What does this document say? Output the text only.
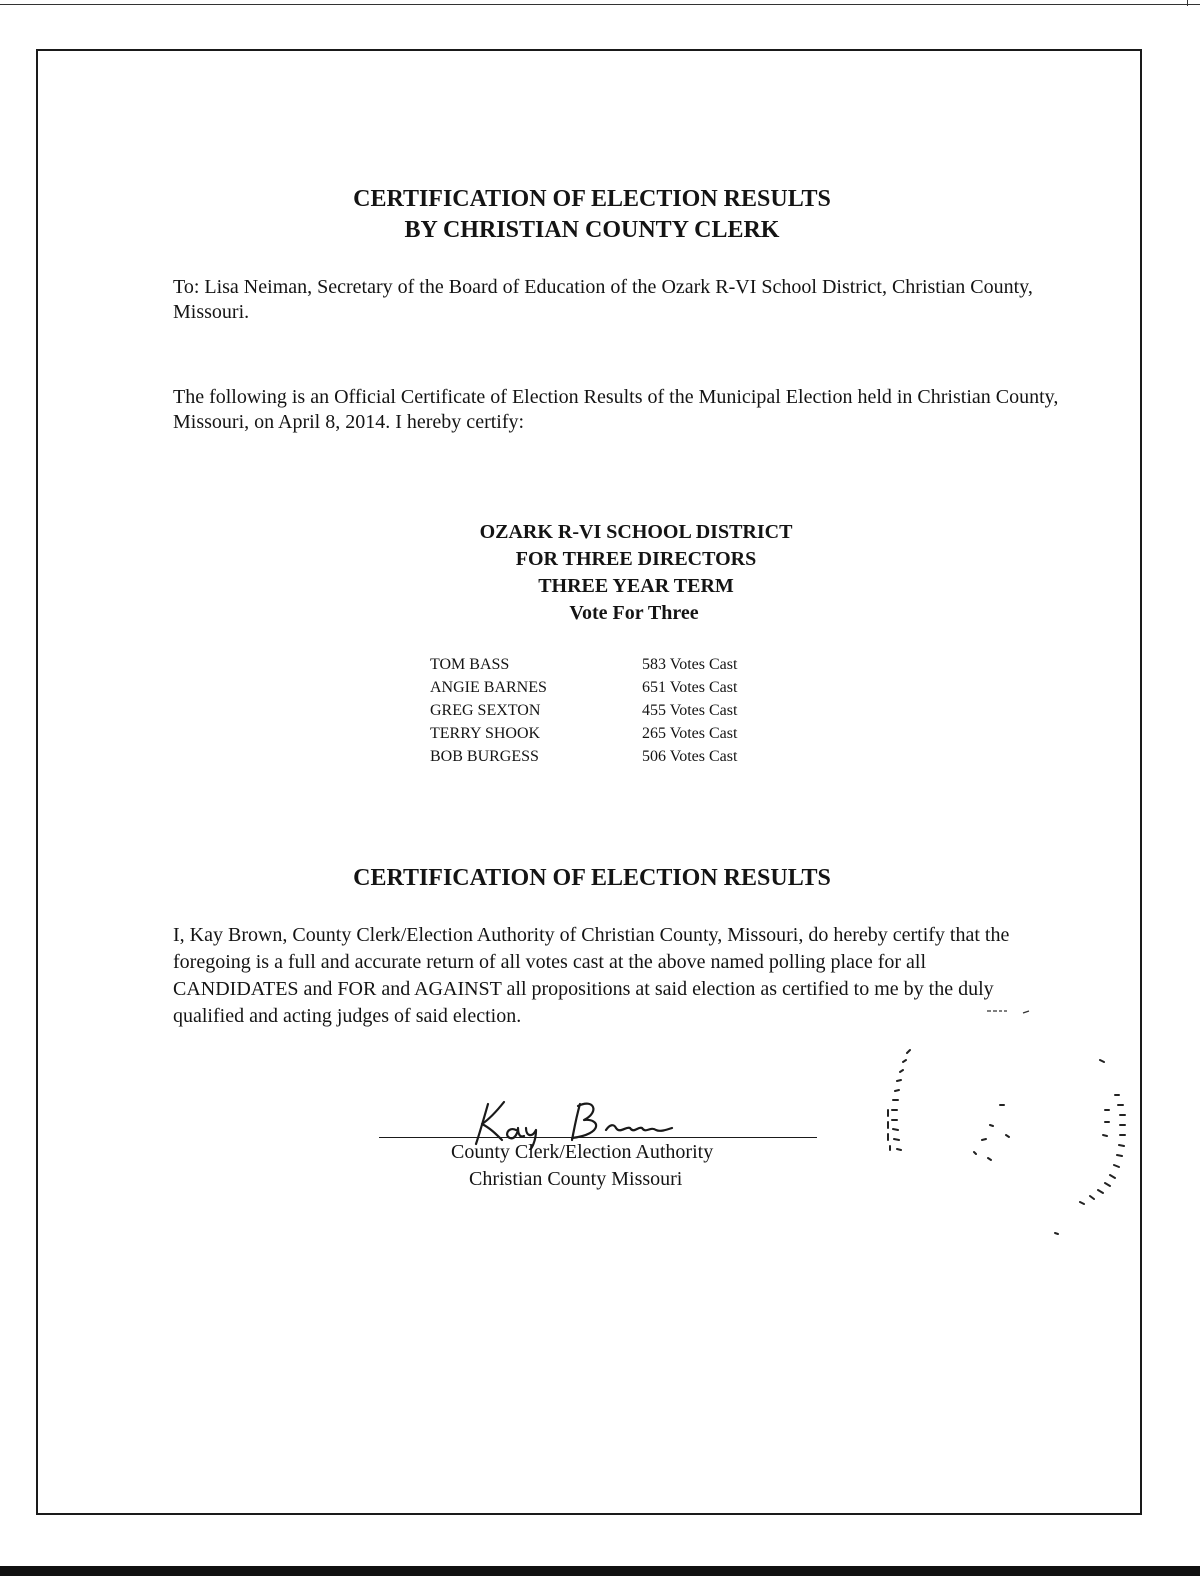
CERTIFICATION OF ELECTION RESULTS
BY CHRISTIAN COUNTY CLERK

To: Lisa Neiman, Secretary of the Board of Education of the Ozark R-VI School District, Christian County, Missouri.

The following is an Official Certificate of Election Results of the Municipal Election held in Christian County, Missouri, on April 8, 2014. I hereby certify:

OZARK R-VI SCHOOL DISTRICT

FOR THREE DIRECTORS

THREE YEAR TERM

Vote For Three

TOM BASS	583 Votes Cast
ANGIE BARNES	651 Votes Cast
GREG SEXTON	455 Votes Cast
TERRY SHOOK	265 Votes Cast
BOB BURGESS	506 Votes Cast
CERTIFICATION OF ELECTION RESULTS

I, Kay Brown, County Clerk/Election Authority of Christian County, Missouri, do hereby certify that the foregoing is a full and accurate return of all votes cast at the above named polling place for all CANDIDATES and FOR and AGAINST all propositions at said election as certified to me by the duly qualified and acting judges of said election.

County Clerk/Election Authority

Christian County Missouri
